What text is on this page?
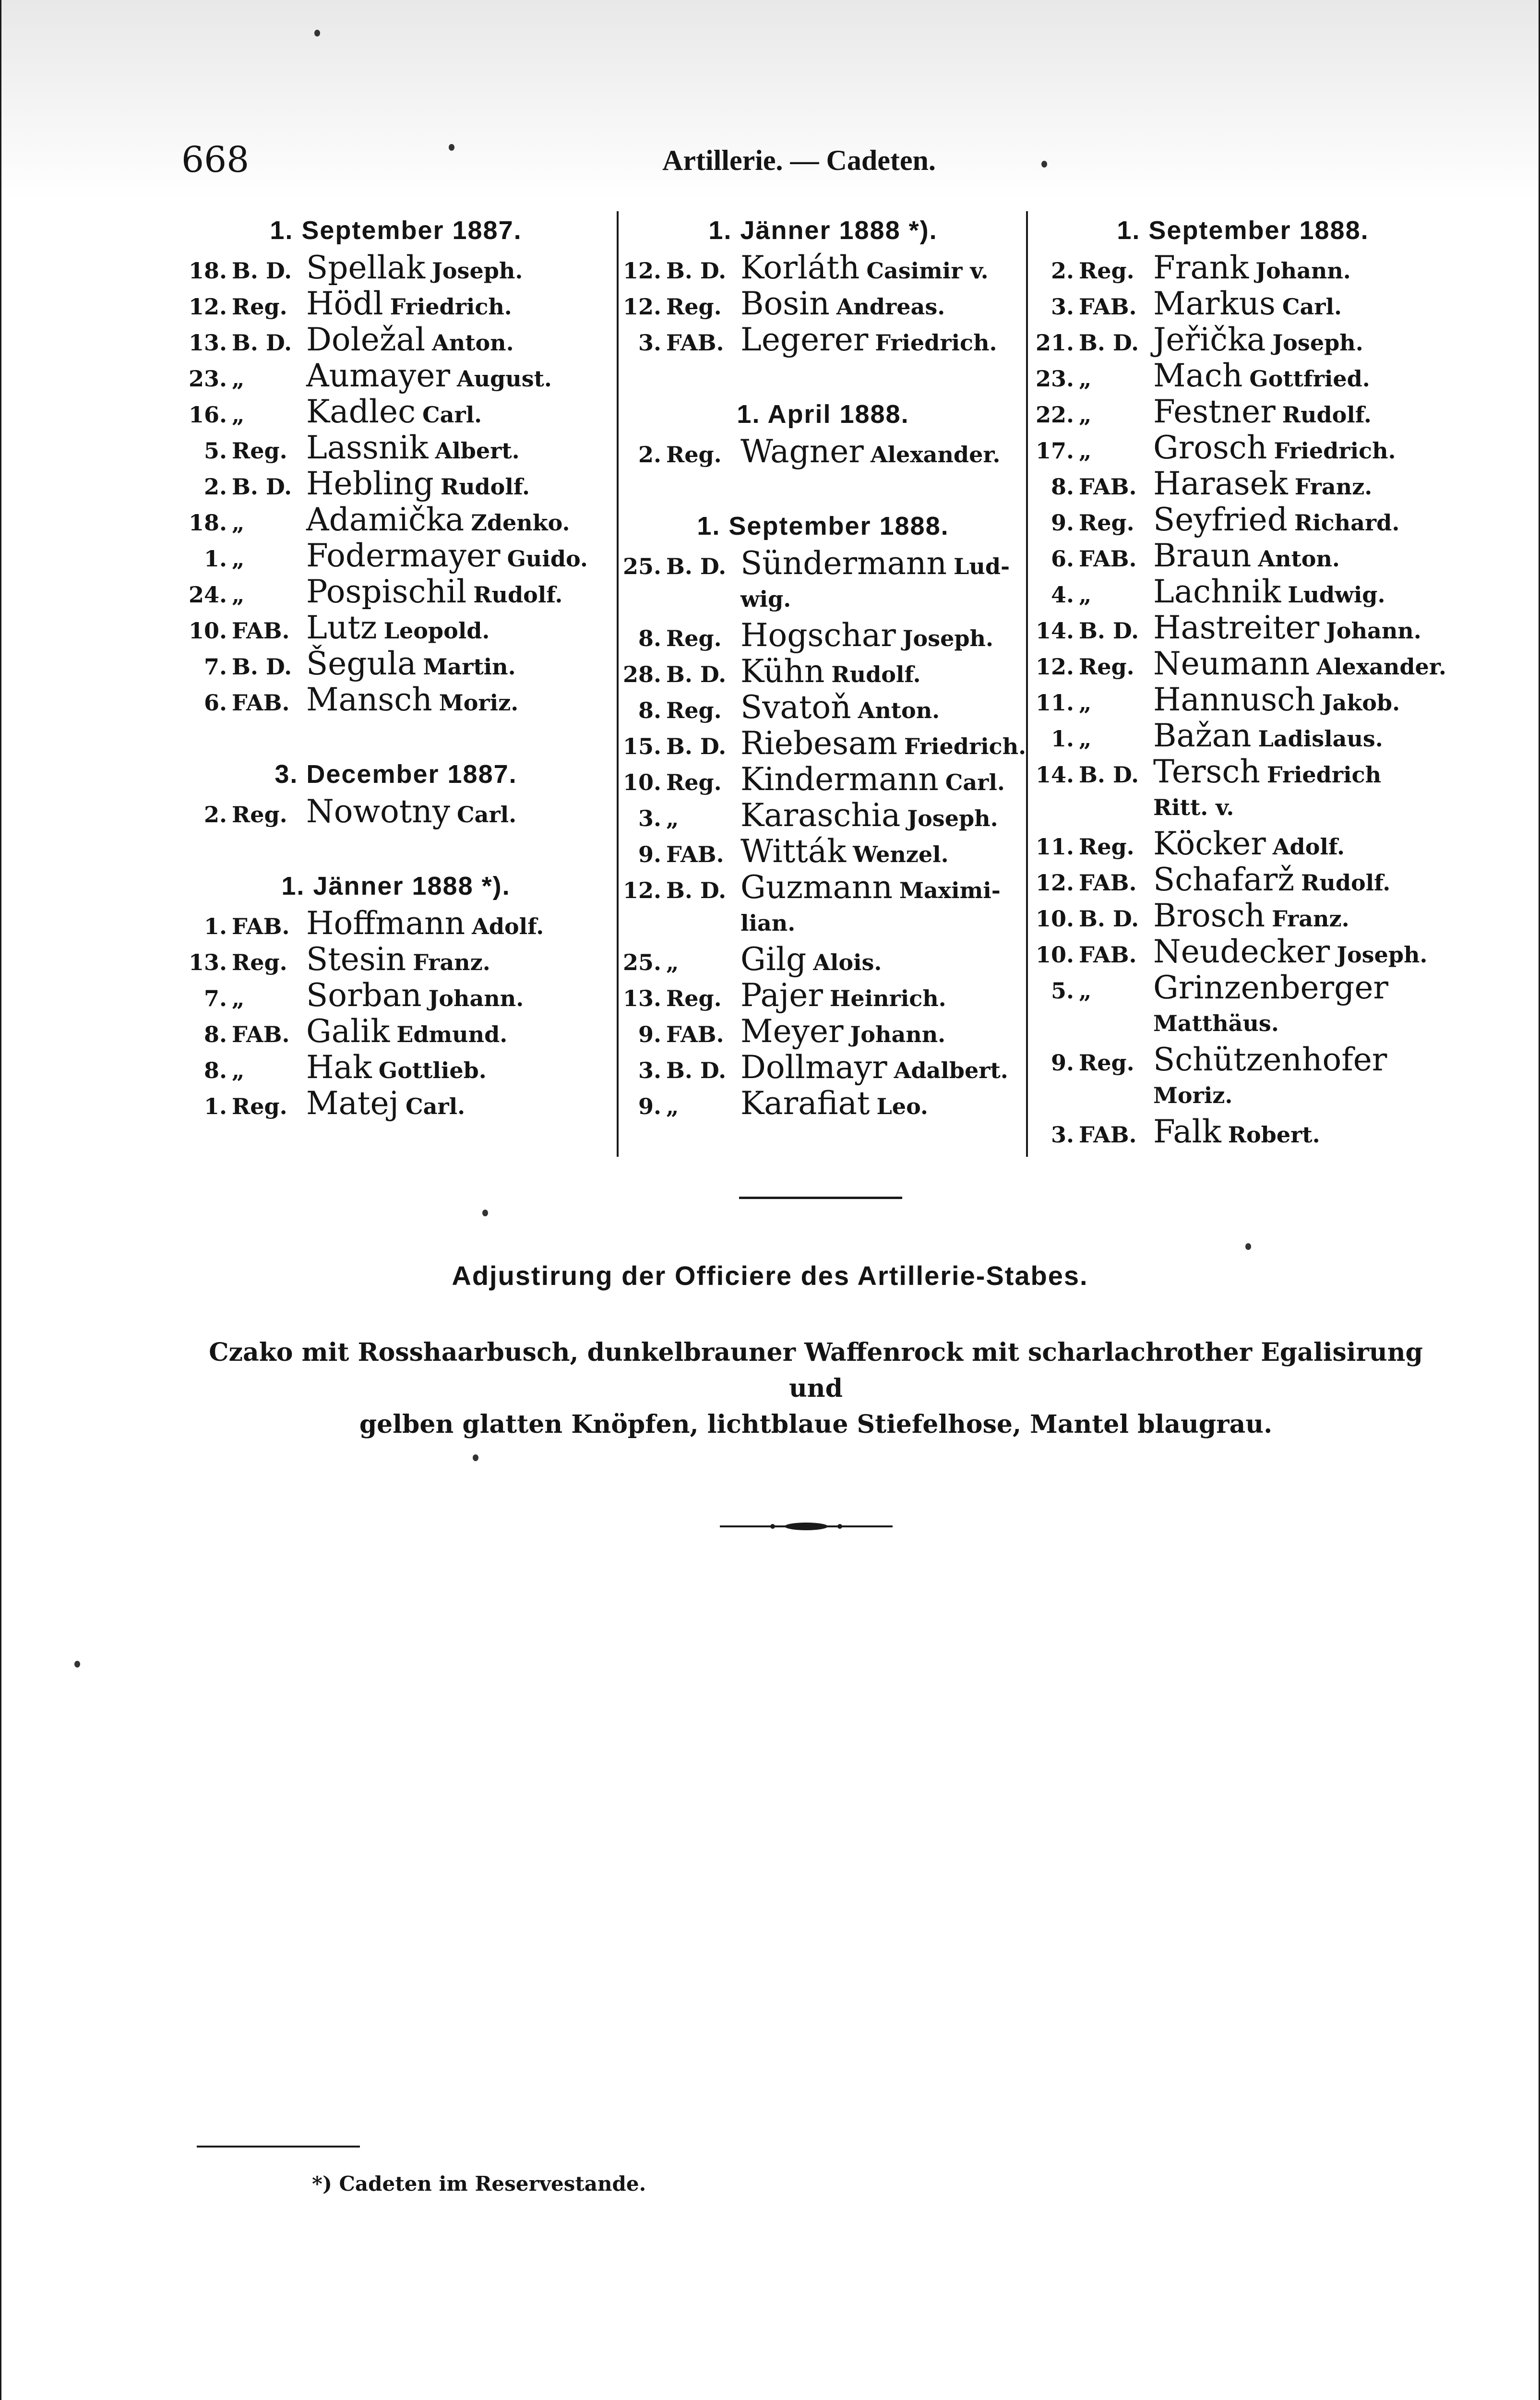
668	Artillerie. — Cadeten.
1. September 1887.
18. B. D. Spellak Joseph.
12. Reg. Hödl Friedrich.
13. B. D. Doležal Anton.
23. „	Aumayer August.
16. „	Kadlec Carl.
5. Reg. Lassnik Albert.
2. B. D. Hebling Rudolf.
18. „	Adamička Zdenko.
1. „	Fodermayer Guido.
24. „	Pospischil Rudolf.
10. FAB. Lutz Leopold.
7. B. D. Šegula Martin.
6. FAB. Mansch Moriz.
3. December 1887.
2. Reg. Nowotny Carl.
1. Jänner 1888 *).
1. FAB. Hoffmann Adolf.
13. Reg. Stesin Franz.
7. „	Sorban Johann.
8. FAB. Galik Edmund.
8. „	Hak Gottlieb.
1. Reg. Matej Carl.
1. Jänner 1888 *).
12. B. D. Korláth Casimir v.
12. Reg. Bosin Andreas.
3. FAB. Legerer Friedrich.
1. April 1888.
2. Reg. Wagner Alexander.
1. September 1888.
25. B. D. Sündermann Lud-
wig.
8. Reg. Hogschar Joseph.
28. B. D. Kühn Rudolf.
8. Reg. Svatoň Anton.
15. B. D. Riebesam Friedrich.
10. Reg. Kindermann Carl.
3. „	Karaschia Joseph.
9. FAB. Witták Wenzel.
12. B. D. Guzmann Maximi-
lian.
25. „	Gilg Alois.
13. Reg. Pajer Heinrich.
9. FAB. Meyer Johann.
3. B. D. Dollmayr Adalbert.
9. „	Karafiat Leo.
1. September 1888.
2. Reg. Frank Johann.
3. FAB. Markus Carl.
21. B. D. Jeřička Joseph.
23. „	Mach Gottfried.
22. „	Festner Rudolf.
17. „	Grosch Friedrich.
8. FAB. Harasek Franz.
9. Reg. Seyfried Richard.
6. FAB. Braun Anton.
4. „	Lachnik Ludwig.
14. B. D. Hastreiter Johann.
12. Reg. Neumann Alexander.
11. „	Hannusch Jakob.
1. „	Bažan Ladislaus.
14. B. D. Tersch Friedrich
Ritt. v.
11. Reg. Köcker Adolf.
12. FAB. Schafarž Rudolf.
10. B. D. Brosch Franz.
10. FAB. Neudecker Joseph.
5. „	Grinzenberger
Matthäus.
9. Reg. Schützenhofer
Moriz.
3. FAB. Falk Robert.
Adjustirung der Officiere des Artillerie-Stabes.
Czako mit Rosshaarbusch, dunkelbrauner Waffenrock mit scharlachrother Egalisirung und
gelben glatten Knöpfen, lichtblaue Stiefelhose, Mantel blaugrau.
*) Cadeten im Reservestande.
